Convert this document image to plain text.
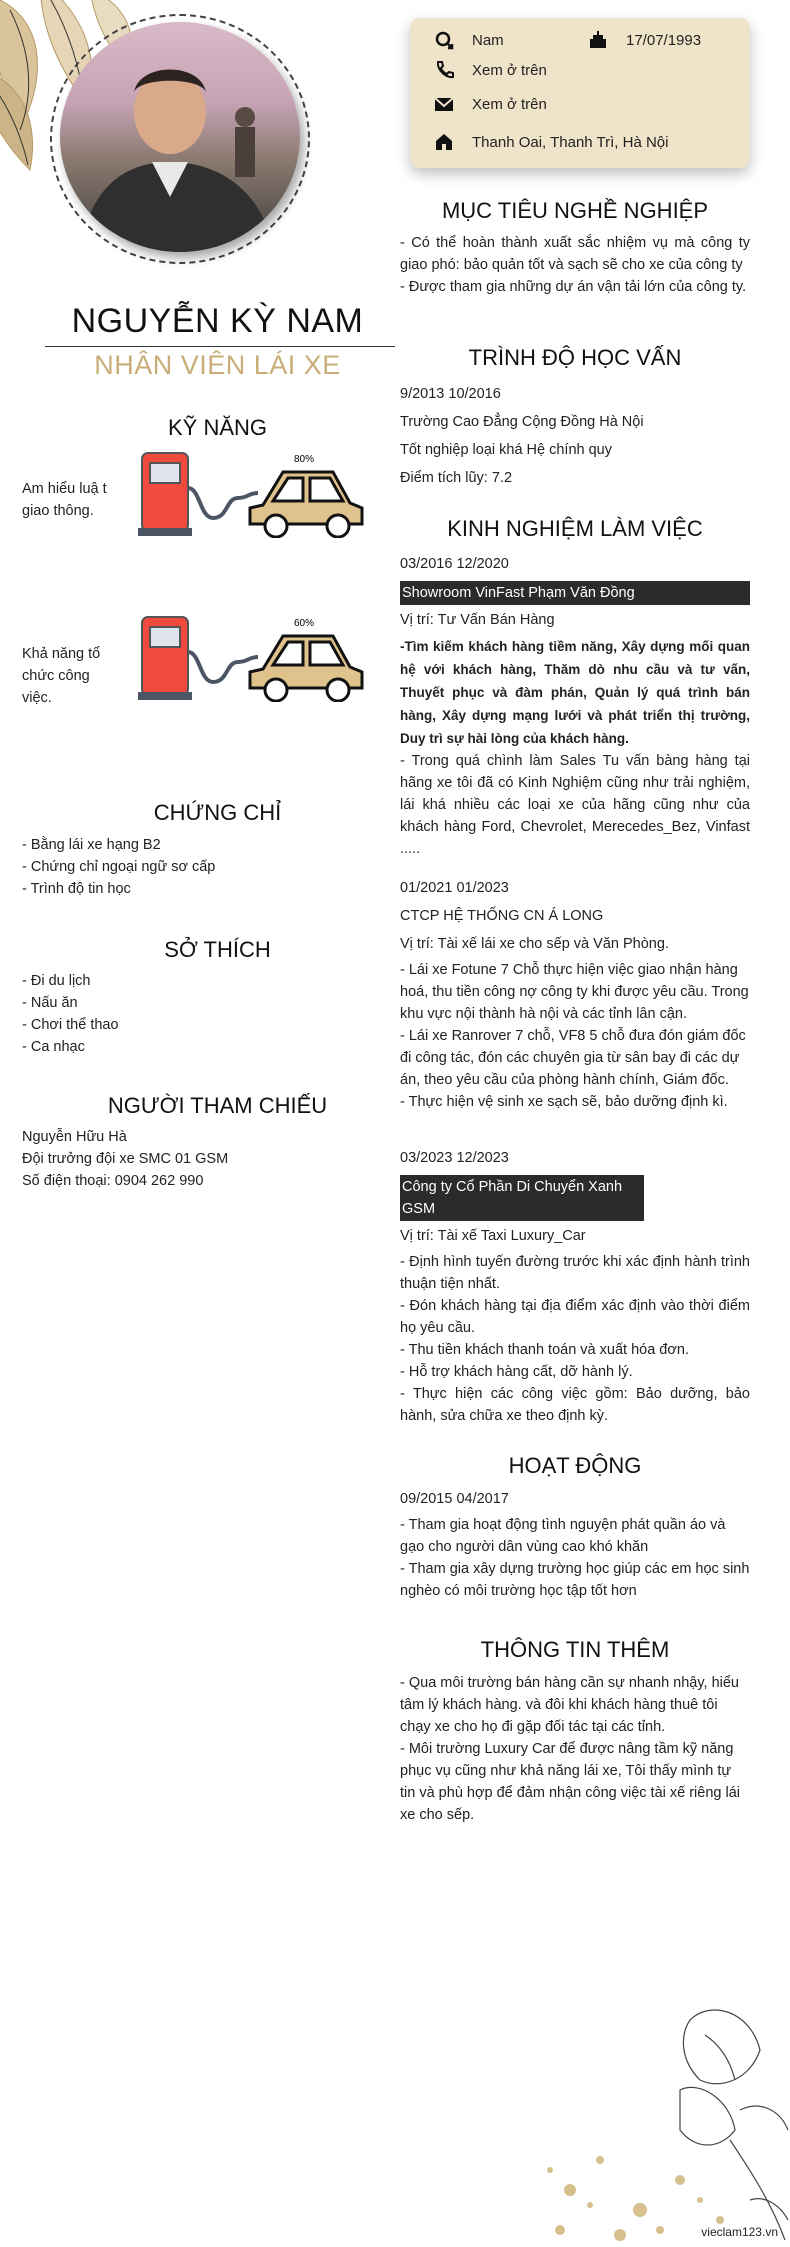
Nam	17/07/1993
Xem ở trên
Xem ở trên
Thanh Oai, Thanh Trì, Hà Nội
NGUYỄN KỲ NAM
NHÂN VIÊN LÁI XE
KỸ NĂNG
Am hiểu luậ t giao thông.
80%
Khả năng tổ chức công việc.
60%
CHỨNG CHỈ

- Bằng lái xe hạng B2

- Chứng chỉ ngoại ngữ sơ cấp

- Trình độ tin học

SỞ THÍCH

- Đi du lịch

- Nấu ăn

- Chơi thể thao

- Ca nhạc

NGƯỜI THAM CHIẾU

Nguyễn Hữu Hà

Đội trưởng đội xe SMC 01 GSM

Số điện thoại: 0904 262 990

MỤC TIÊU NGHỀ NGHIỆP

- Có thể hoàn thành xuất sắc nhiệm vụ mà công ty giao phó: bảo quản tốt và sạch sẽ cho xe của công ty

- Được tham gia những dự án vận tải lớn của công ty.

TRÌNH ĐỘ HỌC VẤN

9/2013 10/2016

Trường Cao Đẳng Cộng Đồng Hà Nội

Tốt nghiệp loại khá Hệ chính quy

Điểm tích lũy: 7.2

KINH NGHIỆM LÀM VIỆC

03/2016 12/2020

Showroom VinFast Phạm Văn Đồng

Vị trí: Tư Vấn Bán Hàng

-Tìm kiếm khách hàng tiềm năng, Xây dựng mối quan hệ với khách hàng, Thăm dò nhu cầu và tư vấn, Thuyết phục và đàm phán, Quản lý quá trình bán hàng, Xây dựng mạng lưới và phát triển thị trường, Duy trì sự hài lòng của khách hàng.

- Trong quá chình làm Sales Tu vấn bàng hàng tại hãng xe tôi đã có Kinh Nghiệm cũng như trải nghiệm, lái khá nhiều các loại xe của hãng cũng như của khách hàng Ford, Chevrolet, Merecedes_Bez, Vinfast .....

01/2021 01/2023

CTCP HỆ THỐNG CN Á LONG

Vị trí: Tài xế lái xe cho sếp và Văn Phòng.

- Lái xe Fotune 7 Chỗ thực hiện việc giao nhận hàng hoá, thu tiền công nợ công ty khi được yêu cầu. Trong khu vực nội thành hà nội và các tỉnh lân cận.

- Lái xe Ranrover 7 chỗ, VF8 5 chỗ đưa đón giám đốc đi công tác, đón các chuyên gia từ sân bay đi các dự án, theo yêu cầu của phòng hành chính, Giám đốc.

- Thực hiện vệ sinh xe sạch sẽ, bảo dưỡng định kì.

03/2023 12/2023

Công ty Cổ Phần Di Chuyển Xanh GSM

Vị trí: Tài xế Taxi Luxury_Car

- Định hình tuyến đường trước khi xác định hành trình thuận tiện nhất.

- Đón khách hàng tại địa điểm xác định vào thời điểm họ yêu cầu.

- Thu tiền khách thanh toán và xuất hóa đơn.

- Hỗ trợ khách hàng cất, dỡ hành lý.

- Thực hiện các công việc gồm: Bảo dưỡng, bảo hành, sửa chữa xe theo định kỳ.

HOẠT ĐỘNG

09/2015 04/2017

- Tham gia hoạt động tình nguyện phát quần áo và gạo cho người dân vùng cao khó khăn

- Tham gia xây dựng trường học giúp các em học sinh nghèo có môi trường học tập tốt hơn

THÔNG TIN THÊM

- Qua môi trường bán hàng cần sự nhanh nhậy, hiểu tâm lý khách hàng. và đôi khi khách hàng thuê tôi chạy xe cho họ đi gặp đối tác tại các tỉnh.

- Môi trường Luxury Car để được nâng tầm kỹ năng phục vụ cũng như khả năng lái xe, Tôi thấy mình tự tin và phù hợp để đảm nhận công việc tài xế riêng lái xe cho sếp.

vieclam123.vn
